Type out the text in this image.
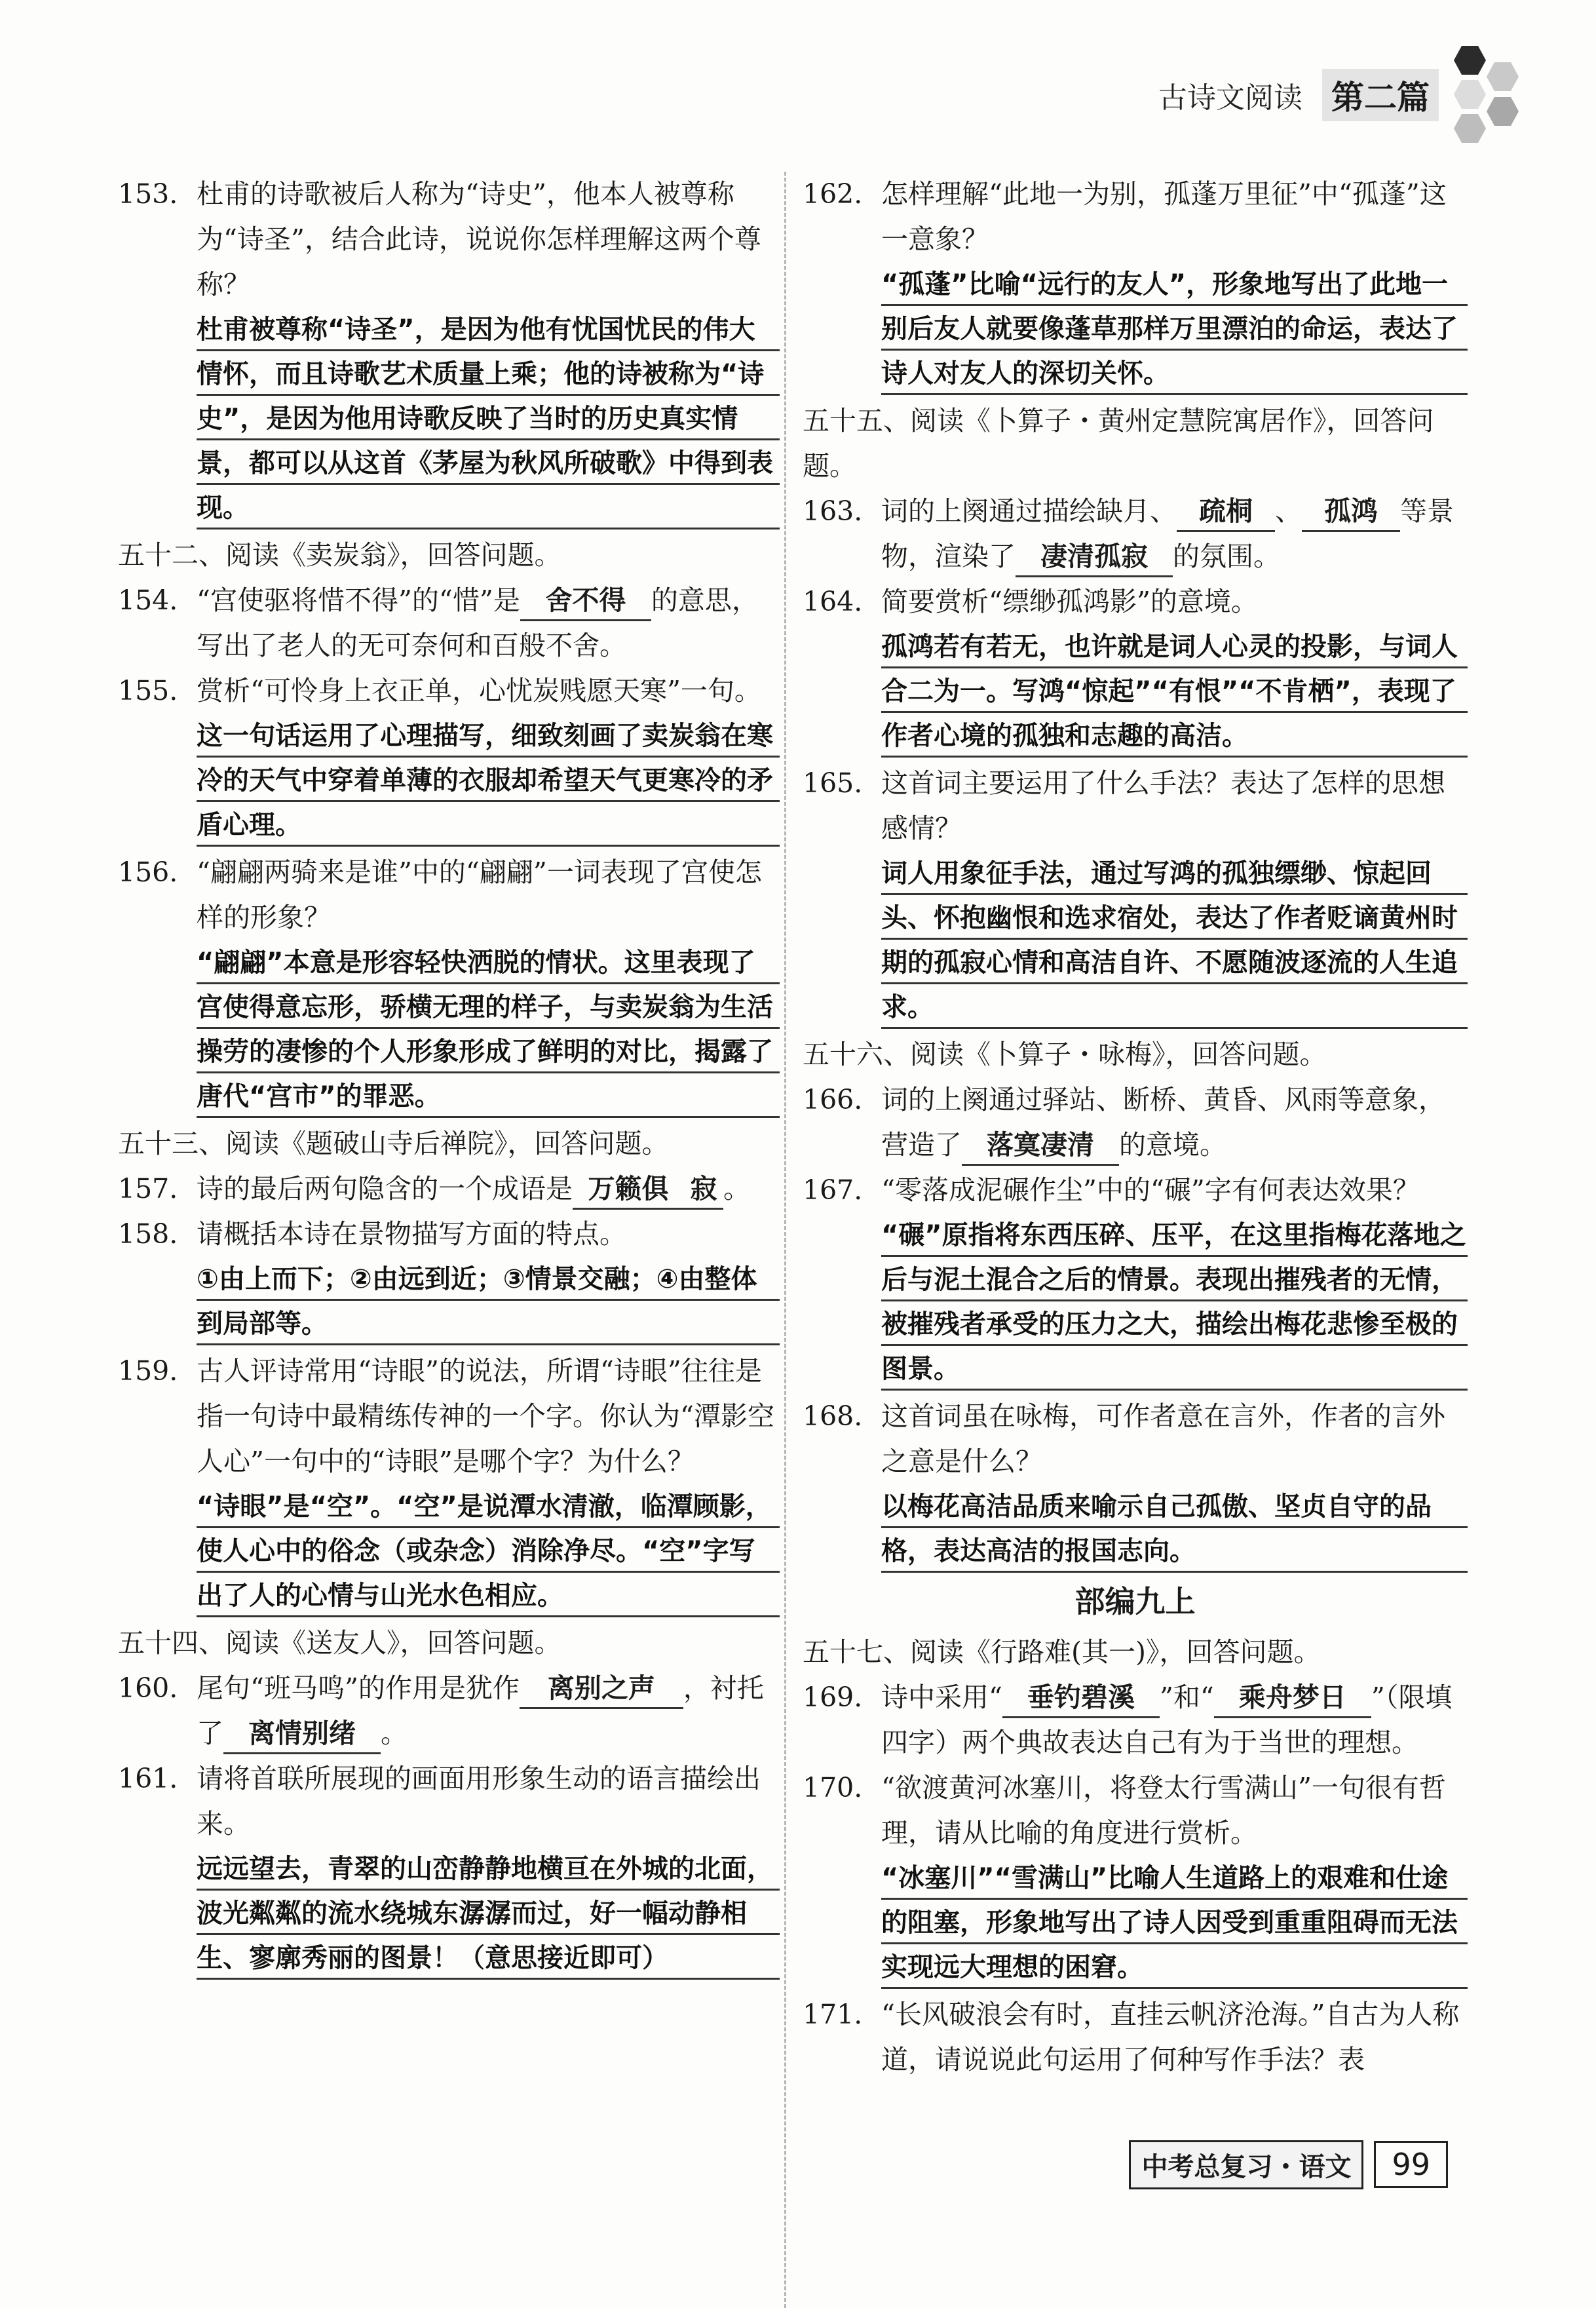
古诗文阅读 第二篇

153. 杜甫的诗歌被后人称为“诗史”，他本人被尊称为“诗圣”，结合此诗，说说你怎样理解这两个尊称？

杜甫被尊称“诗圣”，是因为他有忧国忧民的伟大情怀，而且诗歌艺术质量上乘；他的诗被称为“诗史”，是因为他用诗歌反映了当时的历史真实情景，都可以从这首《茅屋为秋风所破歌》中得到表现。

五十二、阅读《卖炭翁》，回答问题。

154. “宫使驱将惜不得”的“惜”是 舍不得 的意思，写出了老人的无可奈何和百般不舍。

155. 赏析“可怜身上衣正单，心忧炭贱愿天寒”一句。

这一句话运用了心理描写，细致刻画了卖炭翁在寒冷的天气中穿着单薄的衣服却希望天气更寒冷的矛盾心理。

156. “翩翩两骑来是谁”中的“翩翩”一词表现了宫使怎样的形象？

“翩翩”本意是形容轻快洒脱的情状。这里表现了宫使得意忘形，骄横无理的样子，与卖炭翁为生活操劳的凄惨的个人形象形成了鲜明的对比，揭露了唐代“宫市”的罪恶。

五十三、阅读《题破山寺后禅院》，回答问题。

157. 诗的最后两句隐含的一个成语是 万籁俱 寂 。

158. 请概括本诗在景物描写方面的特点。

①由上而下；②由远到近；③情景交融；④由整体到局部等。

159. 古人评诗常用“诗眼”的说法，所谓“诗眼”往往是指一句诗中最精练传神的一个字。你认为“潭影空人心”一句中的“诗眼”是哪个字？为什么？

“诗眼”是“空”。“空”是说潭水清澈，临潭顾影，使人心中的俗念（或杂念）消除净尽。“空”字写出了人的心情与山光水色相应。

五十四、阅读《送友人》，回答问题。

160. 尾句“班马鸣”的作用是犹作 离别之声 ，衬托了 离情别绪 。

161. 请将首联所展现的画面用形象生动的语言描绘出来。

远远望去，青翠的山峦静静地横亘在外城的北面，波光粼粼的流水绕城东潺潺而过，好一幅动静相生、寥廓秀丽的图景！（意思接近即可）

162. 怎样理解“此地一为别，孤蓬万里征”中“孤蓬”这一意象？

“孤蓬”比喻“远行的友人”，形象地写出了此地一别后友人就要像蓬草那样万里漂泊的命运，表达了诗人对友人的深切关怀。

五十五、阅读《卜算子・黄州定慧院寓居作》，回答问题。

163. 词的上阕通过描绘缺月、 疏桐 、 孤鸿 等景物，渲染了 凄清孤寂 的氛围。

164. 简要赏析“缥缈孤鸿影”的意境。

孤鸿若有若无，也许就是词人心灵的投影，与词人合二为一。写鸿“惊起”“有恨”“不肯栖”，表现了作者心境的孤独和志趣的高洁。

165. 这首词主要运用了什么手法？表达了怎样的思想感情？

词人用象征手法，通过写鸿的孤独缥缈、惊起回头、怀抱幽恨和选求宿处，表达了作者贬谪黄州时期的孤寂心情和高洁自许、不愿随波逐流的人生追求。

五十六、阅读《卜算子・咏梅》，回答问题。

166. 词的上阕通过驿站、断桥、黄昏、风雨等意象，营造了 落寞凄清 的意境。

167. “零落成泥碾作尘”中的“碾”字有何表达效果？

“碾”原指将东西压碎、压平，在这里指梅花落地之后与泥土混合之后的情景。表现出摧残者的无情，被摧残者承受的压力之大，描绘出梅花悲惨至极的图景。

168. 这首词虽在咏梅，可作者意在言外，作者的言外之意是什么？

以梅花高洁品质来喻示自己孤傲、坚贞自守的品格，表达高洁的报国志向。

部编九上

五十七、阅读《行路难(其一)》，回答问题。

169. 诗中采用“ 垂钓碧溪 ”和“ 乘舟梦日 ”（限填四字）两个典故表达自己有为于当世的理想。

170. “欲渡黄河冰塞川，将登太行雪满山”一句很有哲理，请从比喻的角度进行赏析。

“冰塞川”“雪满山”比喻人生道路上的艰难和仕途的阻塞，形象地写出了诗人因受到重重阻碍而无法实现远大理想的困窘。

171. “长风破浪会有时，直挂云帆济沧海。”自古为人称道，请说说此句运用了何种写作手法？表

中考总复习・语文	99
